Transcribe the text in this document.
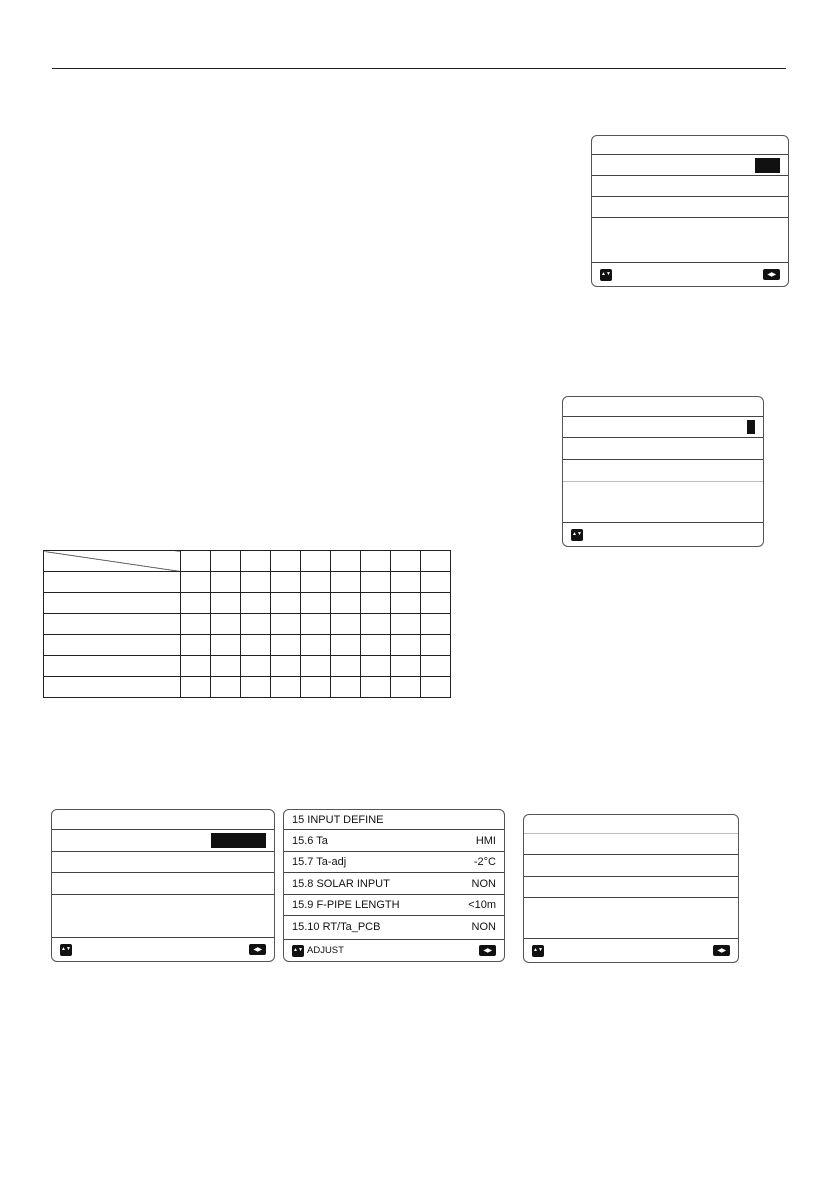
▲▼	◀▶
▲▼

▲▼	◀▶
15 INPUT DEFINE
15.6 Ta	HMI
15.7 Ta-adj	-2°C
15.8 SOLAR INPUT	NON
15.9 F-PIPE LENGTH	<10m
15.10 RT/Ta_PCB	NON
▲▼ ADJUST	◀▶	▲▼	◀▶
